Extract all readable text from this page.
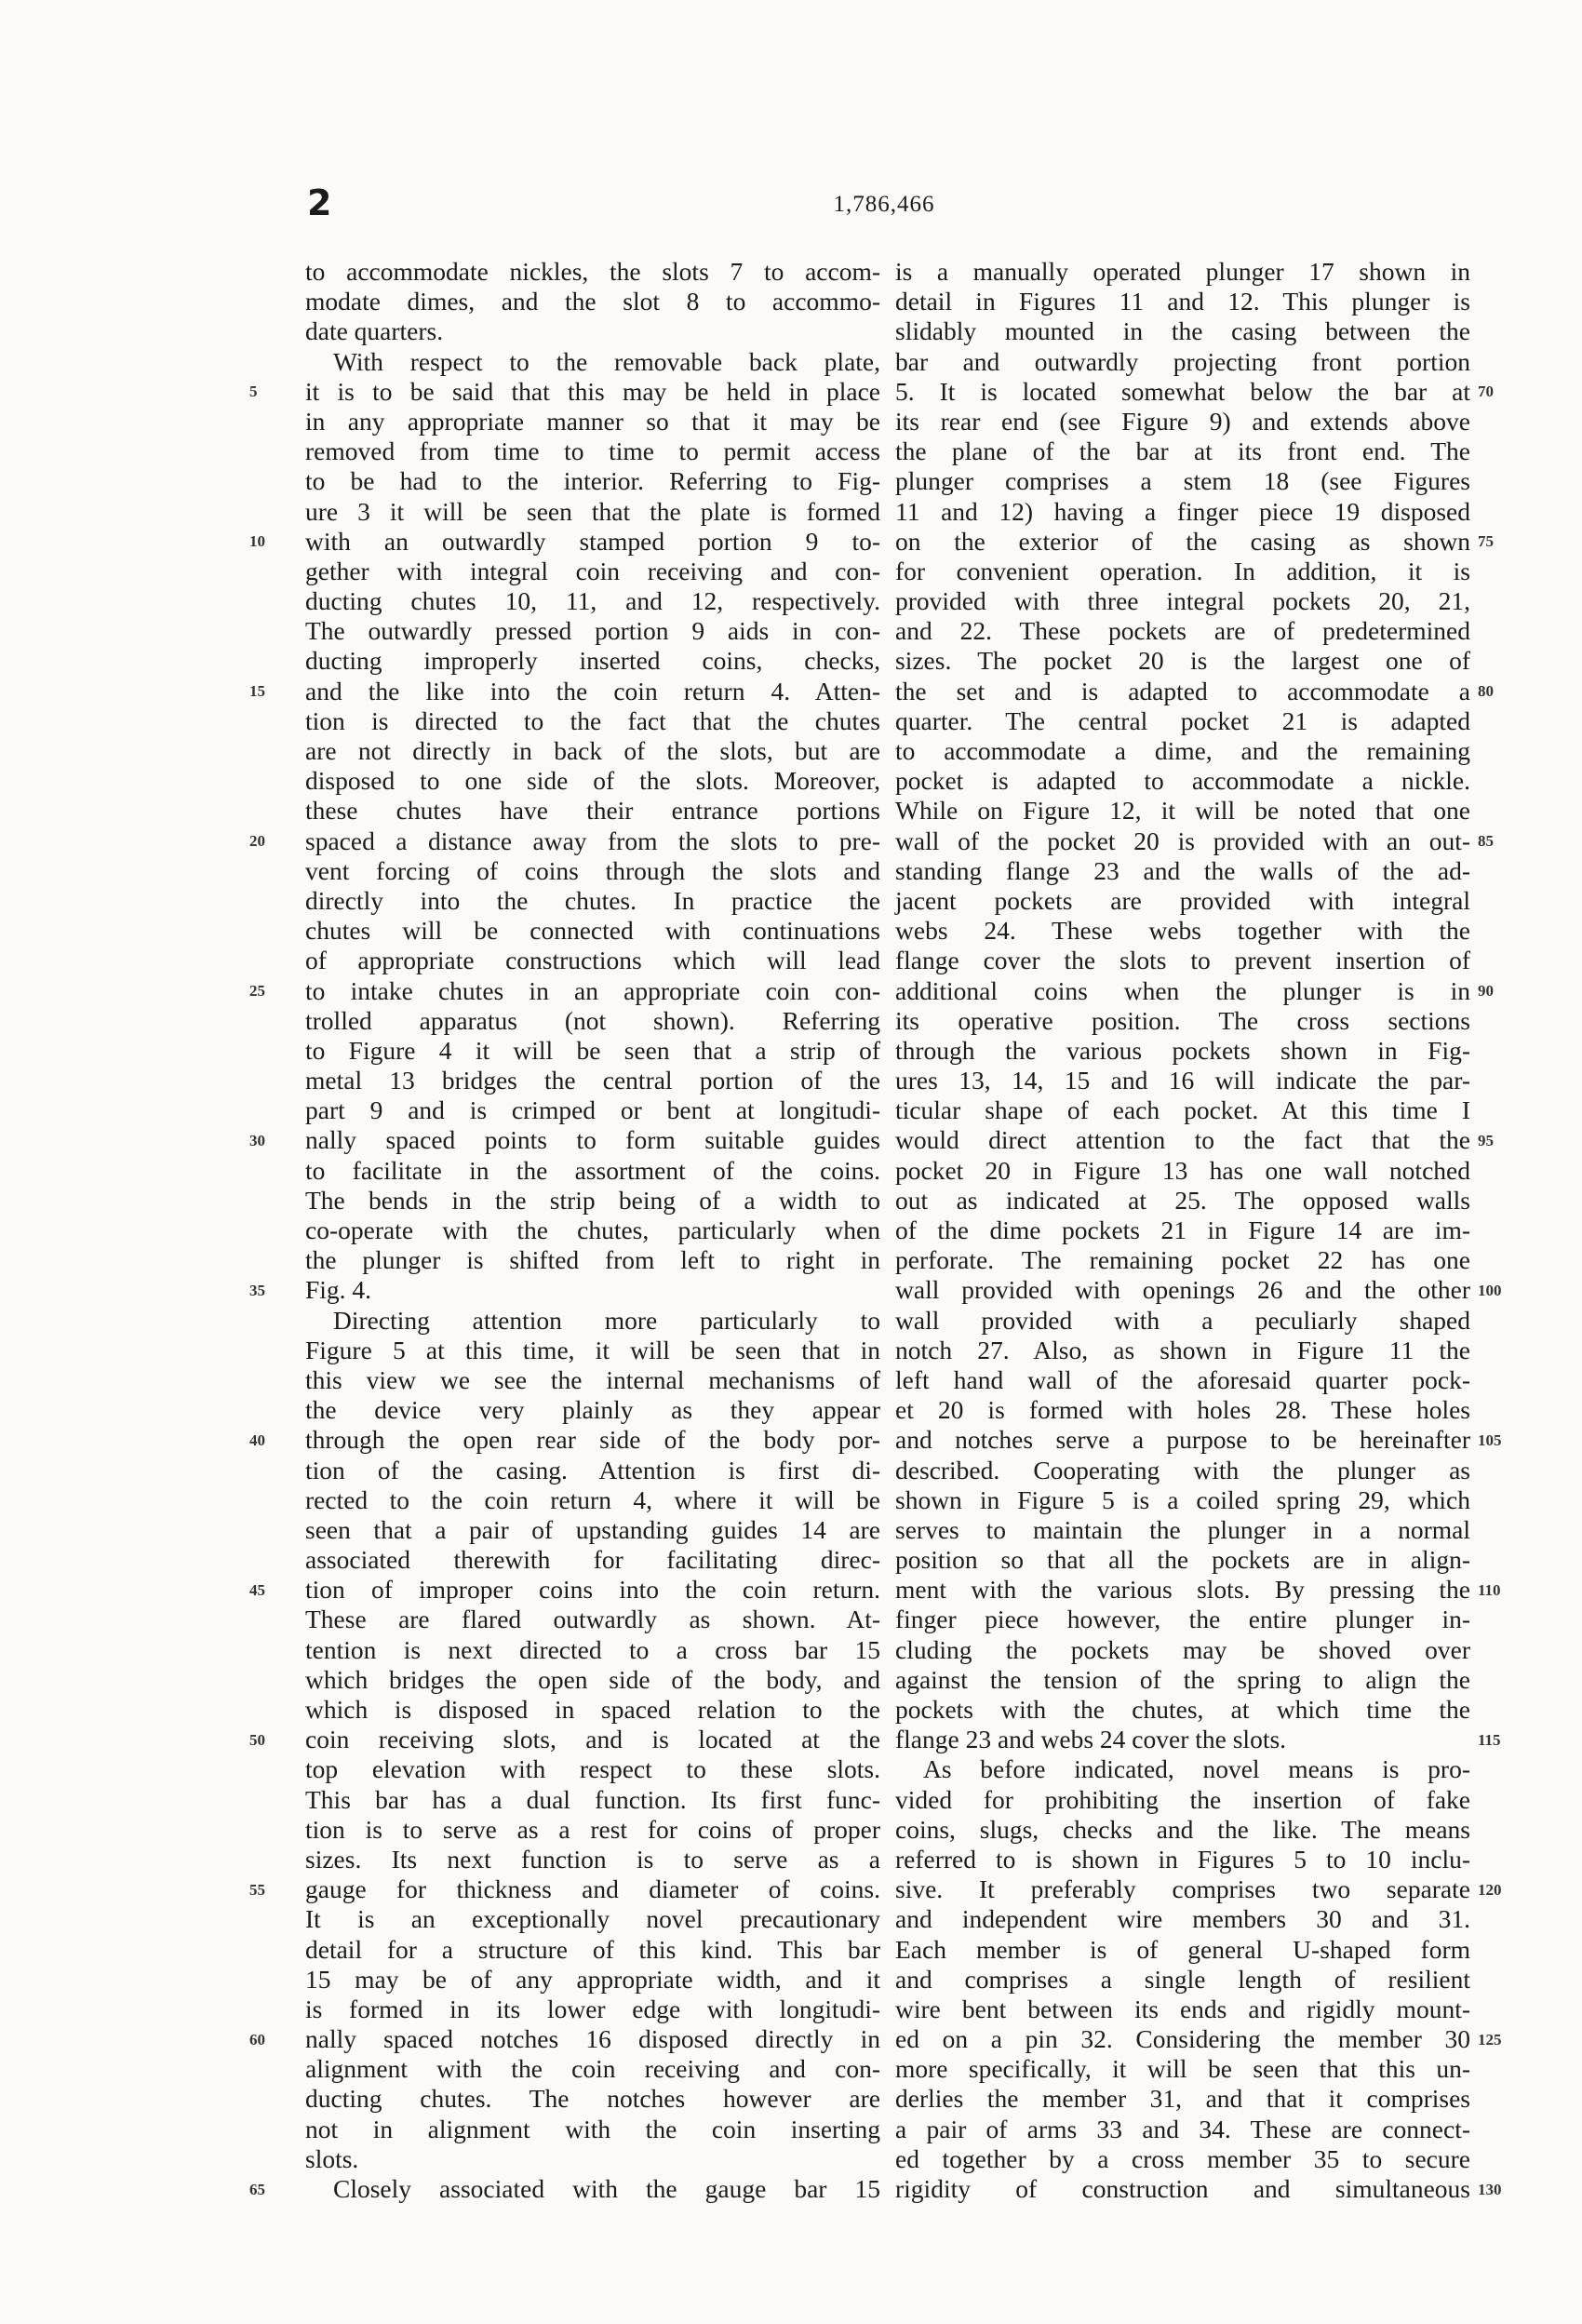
2	1,786,466
to accommodate nickles, the slots 7 to accom-
modate dimes, and the slot 8 to accommo-
date quarters.
With respect to the removable back plate,
it is to be said that this may be held in place
in any appropriate manner so that it may be
removed from time to time to permit access
to be had to the interior. Referring to Fig-
ure 3 it will be seen that the plate is formed
with an outwardly stamped portion 9 to-
gether with integral coin receiving and con-
ducting chutes 10, 11, and 12, respectively.
The outwardly pressed portion 9 aids in con-
ducting improperly inserted coins, checks,
and the like into the coin return 4. Atten-
tion is directed to the fact that the chutes
are not directly in back of the slots, but are
disposed to one side of the slots. Moreover,
these chutes have their entrance portions
spaced a distance away from the slots to pre-
vent forcing of coins through the slots and
directly into the chutes. In practice the
chutes will be connected with continuations
of appropriate constructions which will lead
to intake chutes in an appropriate coin con-
trolled apparatus (not shown). Referring
to Figure 4 it will be seen that a strip of
metal 13 bridges the central portion of the
part 9 and is crimped or bent at longitudi-
nally spaced points to form suitable guides
to facilitate in the assortment of the coins.
The bends in the strip being of a width to
co-operate with the chutes, particularly when
the plunger is shifted from left to right in
Fig. 4.
Directing attention more particularly to
Figure 5 at this time, it will be seen that in
this view we see the internal mechanisms of
the device very plainly as they appear
through the open rear side of the body por-
tion of the casing. Attention is first di-
rected to the coin return 4, where it will be
seen that a pair of upstanding guides 14 are
associated therewith for facilitating direc-
tion of improper coins into the coin return.
These are flared outwardly as shown. At-
tention is next directed to a cross bar 15
which bridges the open side of the body, and
which is disposed in spaced relation to the
coin receiving slots, and is located at the
top elevation with respect to these slots.
This bar has a dual function. Its first func-
tion is to serve as a rest for coins of proper
sizes. Its next function is to serve as a
gauge for thickness and diameter of coins.
It is an exceptionally novel precautionary
detail for a structure of this kind. This bar
15 may be of any appropriate width, and it
is formed in its lower edge with longitudi-
nally spaced notches 16 disposed directly in
alignment with the coin receiving and con-
ducting chutes. The notches however are
not in alignment with the coin inserting
slots.
Closely associated with the gauge bar 15
is a manually operated plunger 17 shown in
detail in Figures 11 and 12. This plunger is
slidably mounted in the casing between the
bar and outwardly projecting front portion
5. It is located somewhat below the bar at
its rear end (see Figure 9) and extends above
the plane of the bar at its front end. The
plunger comprises a stem 18 (see Figures
11 and 12) having a finger piece 19 disposed
on the exterior of the casing as shown
for convenient operation. In addition, it is
provided with three integral pockets 20, 21,
and 22. These pockets are of predetermined
sizes. The pocket 20 is the largest one of
the set and is adapted to accommodate a
quarter. The central pocket 21 is adapted
to accommodate a dime, and the remaining
pocket is adapted to accommodate a nickle.
While on Figure 12, it will be noted that one
wall of the pocket 20 is provided with an out-
standing flange 23 and the walls of the ad-
jacent pockets are provided with integral
webs 24. These webs together with the
flange cover the slots to prevent insertion of
additional coins when the plunger is in
its operative position. The cross sections
through the various pockets shown in Fig-
ures 13, 14, 15 and 16 will indicate the par-
ticular shape of each pocket. At this time I
would direct attention to the fact that the
pocket 20 in Figure 13 has one wall notched
out as indicated at 25. The opposed walls
of the dime pockets 21 in Figure 14 are im-
perforate. The remaining pocket 22 has one
wall provided with openings 26 and the other
wall provided with a peculiarly shaped
notch 27. Also, as shown in Figure 11 the
left hand wall of the aforesaid quarter pock-
et 20 is formed with holes 28. These holes
and notches serve a purpose to be hereinafter
described. Cooperating with the plunger as
shown in Figure 5 is a coiled spring 29, which
serves to maintain the plunger in a normal
position so that all the pockets are in align-
ment with the various slots. By pressing the
finger piece however, the entire plunger in-
cluding the pockets may be shoved over
against the tension of the spring to align the
pockets with the chutes, at which time the
flange 23 and webs 24 cover the slots.
As before indicated, novel means is pro-
vided for prohibiting the insertion of fake
coins, slugs, checks and the like. The means
referred to is shown in Figures 5 to 10 inclu-
sive. It preferably comprises two separate
and independent wire members 30 and 31.
Each member is of general U-shaped form
and comprises a single length of resilient
wire bent between its ends and rigidly mount-
ed on a pin 32. Considering the member 30
more specifically, it will be seen that this un-
derlies the member 31, and that it comprises
a pair of arms 33 and 34. These are connect-
ed together by a cross member 35 to secure
rigidity of construction and simultaneous
5
10
15
20
25
30
35
40
45
50
55
60
65
70
75
80
85
90
95
100
105
110
115
120
125
130
